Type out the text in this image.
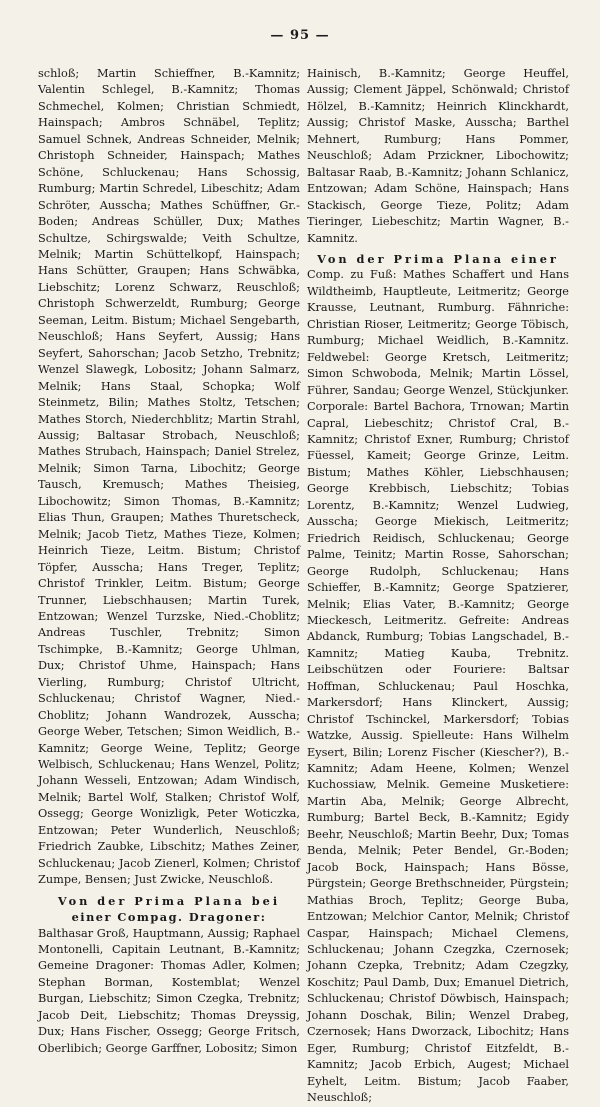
— 95 —

schloß; Martin Schieffner, B.-Kamnitz; Valentin Schlegel, B.-Kamnitz; Thomas Schmechel, Kolmen; Christian Schmiedt, Hainspach; Ambros Schnäbel, Teplitz; Samuel Schnek, Andreas Schneider, Melnik; Christoph Schneider, Hainspach; Mathes Schöne, Schluckenau; Hans Schossig, Rumburg; Martin Schredel, Libeschitz; Adam Schröter, Ausscha; Mathes Schüffner, Gr.-Boden; Andreas Schüller, Dux; Mathes Schultze, Schirgswalde; Veith Schultze, Melnik; Martin Schüttelkopf, Hainspach; Hans Schütter, Graupen; Hans Schwäbka, Liebschitz; Lorenz Schwarz, Reuschloß; Christoph Schwerzeldt, Rumburg; George Seeman, Leitm. Bistum; Michael Sengebarth, Neuschloß; Hans Seyfert, Aussig; Hans Seyfert, Sahorschan; Jacob Setzho, Trebnitz; Wenzel Slawegk, Lobositz; Johann Salmarz, Melnik; Hans Staal, Schopka; Wolf Steinmetz, Bilin; Mathes Stoltz, Tetschen; Mathes Storch, Niederchblitz; Martin Strahl, Aussig; Baltasar Strobach, Neuschloß; Mathes Strubach, Hainspach; Daniel Strelez, Melnik; Simon Tarna, Libochitz; George Tausch, Kremusch; Mathes Theisieg, Libochowitz; Simon Thomas, B.-Kamnitz; Elias Thun, Graupen; Mathes Thuretscheck, Melnik; Jacob Tietz, Mathes Tieze, Kolmen; Heinrich Tieze, Leitm. Bistum; Christof Töpfer, Ausscha; Hans Treger, Teplitz; Christof Trinkler, Leitm. Bistum; George Trunner, Liebschhausen; Martin Turek, Entzowan; Wenzel Turzske, Nied.-Choblitz; Andreas Tuschler, Trebnitz; Simon Tschimpke, B.-Kamnitz; George Uhlman, Dux; Christof Uhme, Hainspach; Hans Vierling, Rumburg; Christof Ultricht, Schluckenau; Christof Wagner, Nied.-Choblitz; Johann Wandrozek, Ausscha; George Weber, Tetschen; Simon Weidlich, B.-Kamnitz; George Weine, Teplitz; George Welbisch, Schluckenau; Hans Wenzel, Politz; Johann Wesseli, Entzowan; Adam Windisch, Melnik; Bartel Wolf, Stalken; Christof Wolf, Ossegg; George Wonizligk, Peter Woticzka, Entzowan; Peter Wunderlich, Neuschloß; Friedrich Zaubke, Libschitz; Mathes Zeiner, Schluckenau; Jacob Zienerl, Kolmen; Christof Zumpe, Bensen; Just Zwicke, Neuschloß.

Von der Prima Plana bei

einer Compag. Dragoner:

Balthasar Groß, Hauptmann, Aussig; Raphael Montonelli, Capitain Leutnant, B.-Kamnitz; Gemeine Dragoner: Thomas Adler, Kolmen; Stephan Borman, Kostemblat; Wenzel Burgan, Liebschitz; Simon Czegka, Trebnitz; Jacob Deit, Liebschitz; Thomas Dreyssig, Dux; Hans Fischer, Ossegg; George Fritsch, Oberlibich; George Garffner, Lobositz; Simon

Hainisch, B.-Kamnitz; George Heuffel, Aussig; Clement Jäppel, Schönwald; Christof Hölzel, B.-Kamnitz; Heinrich Klinckhardt, Aussig; Christof Maske, Ausscha; Barthel Mehnert, Rumburg; Hans Pommer, Neuschloß; Adam Przickner, Libochowitz; Baltasar Raab, B.-Kamnitz; Johann Schlanicz, Entzowan; Adam Schöne, Hainspach; Hans Stackisch, George Tieze, Politz; Adam Tieringer, Liebeschitz; Martin Wagner, B.-Kamnitz.

Von der Prima Plana einer

Comp. zu Fuß: Mathes Schaffert und Hans Wildtheimb, Hauptleute, Leitmeritz; George Krausse, Leutnant, Rumburg. Fähnriche: Christian Rioser, Leitmeritz; George Töbisch, Rumburg; Michael Weidlich, B.-Kamnitz. Feldwebel: George Kretsch, Leitmeritz; Simon Schwoboda, Melnik; Martin Lössel, Führer, Sandau; George Wenzel, Stückjunker. Corporale: Bartel Bachora, Trnowan; Martin Capral, Liebeschitz; Christof Cral, B.-Kamnitz; Christof Exner, Rumburg; Christof Füessel, Kameit; George Grinze, Leitm. Bistum; Mathes Köhler, Liebschhausen; George Krebbisch, Liebschitz; Tobias Lorentz, B.-Kamnitz; Wenzel Ludwieg, Ausscha; George Miekisch, Leitmeritz; Friedrich Reidisch, Schluckenau; George Palme, Teinitz; Martin Rosse, Sahorschan; George Rudolph, Schluckenau; Hans Schieffer, B.-Kamnitz; George Spatzierer, Melnik; Elias Vater, B.-Kamnitz; George Mieckesch, Leitmeritz. Gefreite: Andreas Abdanck, Rumburg; Tobias Langschadel, B.-Kamnitz; Matieg Kauba, Trebnitz. Leibschützen oder Fouriere: Baltsar Hoffman, Schluckenau; Paul Hoschka, Markersdorf; Hans Klinckert, Aussig; Christof Tschinckel, Markersdorf; Tobias Watzke, Aussig. Spielleute: Hans Wilhelm Eysert, Bilin; Lorenz Fischer (Kiescher?), B.-Kamnitz; Adam Heene, Kolmen; Wenzel Kuchossiaw, Melnik. Gemeine Musketiere: Martin Aba, Melnik; George Albrecht, Rumburg; Bartel Beck, B.-Kamnitz; Egidy Beehr, Neuschloß; Martin Beehr, Dux; Tomas Benda, Melnik; Peter Bendel, Gr.-Boden; Jacob Bock, Hainspach; Hans Bösse, Pürgstein; George Brethschneider, Pürgstein; Mathias Broch, Teplitz; George Buba, Entzowan; Melchior Cantor, Melnik; Christof Caspar, Hainspach; Michael Clemens, Schluckenau; Johann Czegzka, Czernosek; Johann Czepka, Trebnitz; Adam Czegzky, Koschitz; Paul Damb, Dux; Emanuel Dietrich, Schluckenau; Christof Döwbisch, Hainspach; Johann Doschak, Bilin; Wenzel Drabeg, Czernosek; Hans Dworzack, Libochitz; Hans Eger, Rumburg; Christof Eitzfeldt, B.-Kamnitz; Jacob Erbich, Augest; Michael Eyhelt, Leitm. Bistum; Jacob Faaber, Neuschloß;
